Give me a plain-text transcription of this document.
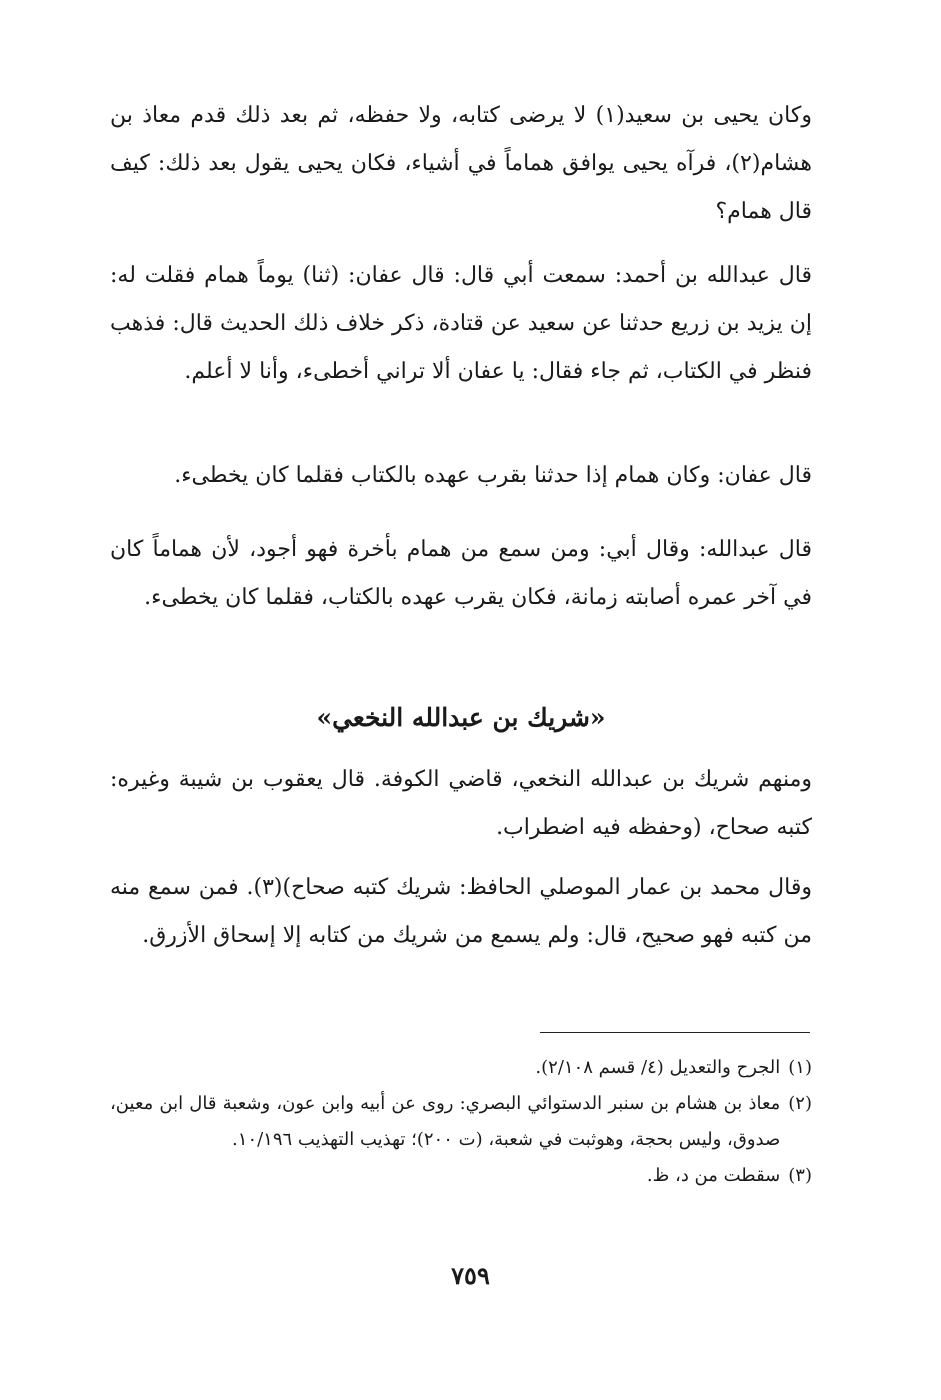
وكان يحيى بن سعيد(١) لا يرضى كتابه، ولا حفظه، ثم بعد ذلك قدم معاذ بن هشام(٢)، فرآه يحيى يوافق هماماً في أشياء، فكان يحيى يقول بعد ذلك: كيف قال همام؟

قال عبدالله بن أحمد: سمعت أبي قال: قال عفان: (ثنا) يوماً همام فقلت له: إن يزيد بن زريع حدثنا عن سعيد عن قتادة، ذكر خلاف ذلك الحديث قال: فذهب فنظر في الكتاب، ثم جاء فقال: يا عفان ألا تراني أخطىء، وأنا لا أعلم.

قال عفان: وكان همام إذا حدثنا بقرب عهده بالكتاب فقلما كان يخطىء.

قال عبدالله: وقال أبي: ومن سمع من همام بأخرة فهو أجود، لأن هماماً كان في آخر عمره أصابته زمانة، فكان يقرب عهده بالكتاب، فقلما كان يخطىء.

«شريك بن عبدالله النخعي»

ومنهم شريك بن عبدالله النخعي، قاضي الكوفة. قال يعقوب بن شيبة وغيره: كتبه صحاح، (وحفظه فيه اضطراب.

وقال محمد بن عمار الموصلي الحافظ: شريك كتبه صحاح)(٣). فمن سمع منه من كتبه فهو صحيح، قال: ولم يسمع من شريك من كتابه إلا إسحاق الأزرق.

(١)
الجرح والتعديل (٤/ قسم ٢/١٠٨).
(٢)
معاذ بن هشام بن سنبر الدستوائي البصري: روى عن أبيه وابن عون، وشعبة قال ابن معين، صدوق، وليس بحجة، وهوثبت في شعبة، (ت ٢٠٠)؛ تهذيب التهذيب ١٠/١٩٦.
(٣)
سقطت من د، ظ.

٧٥٩
